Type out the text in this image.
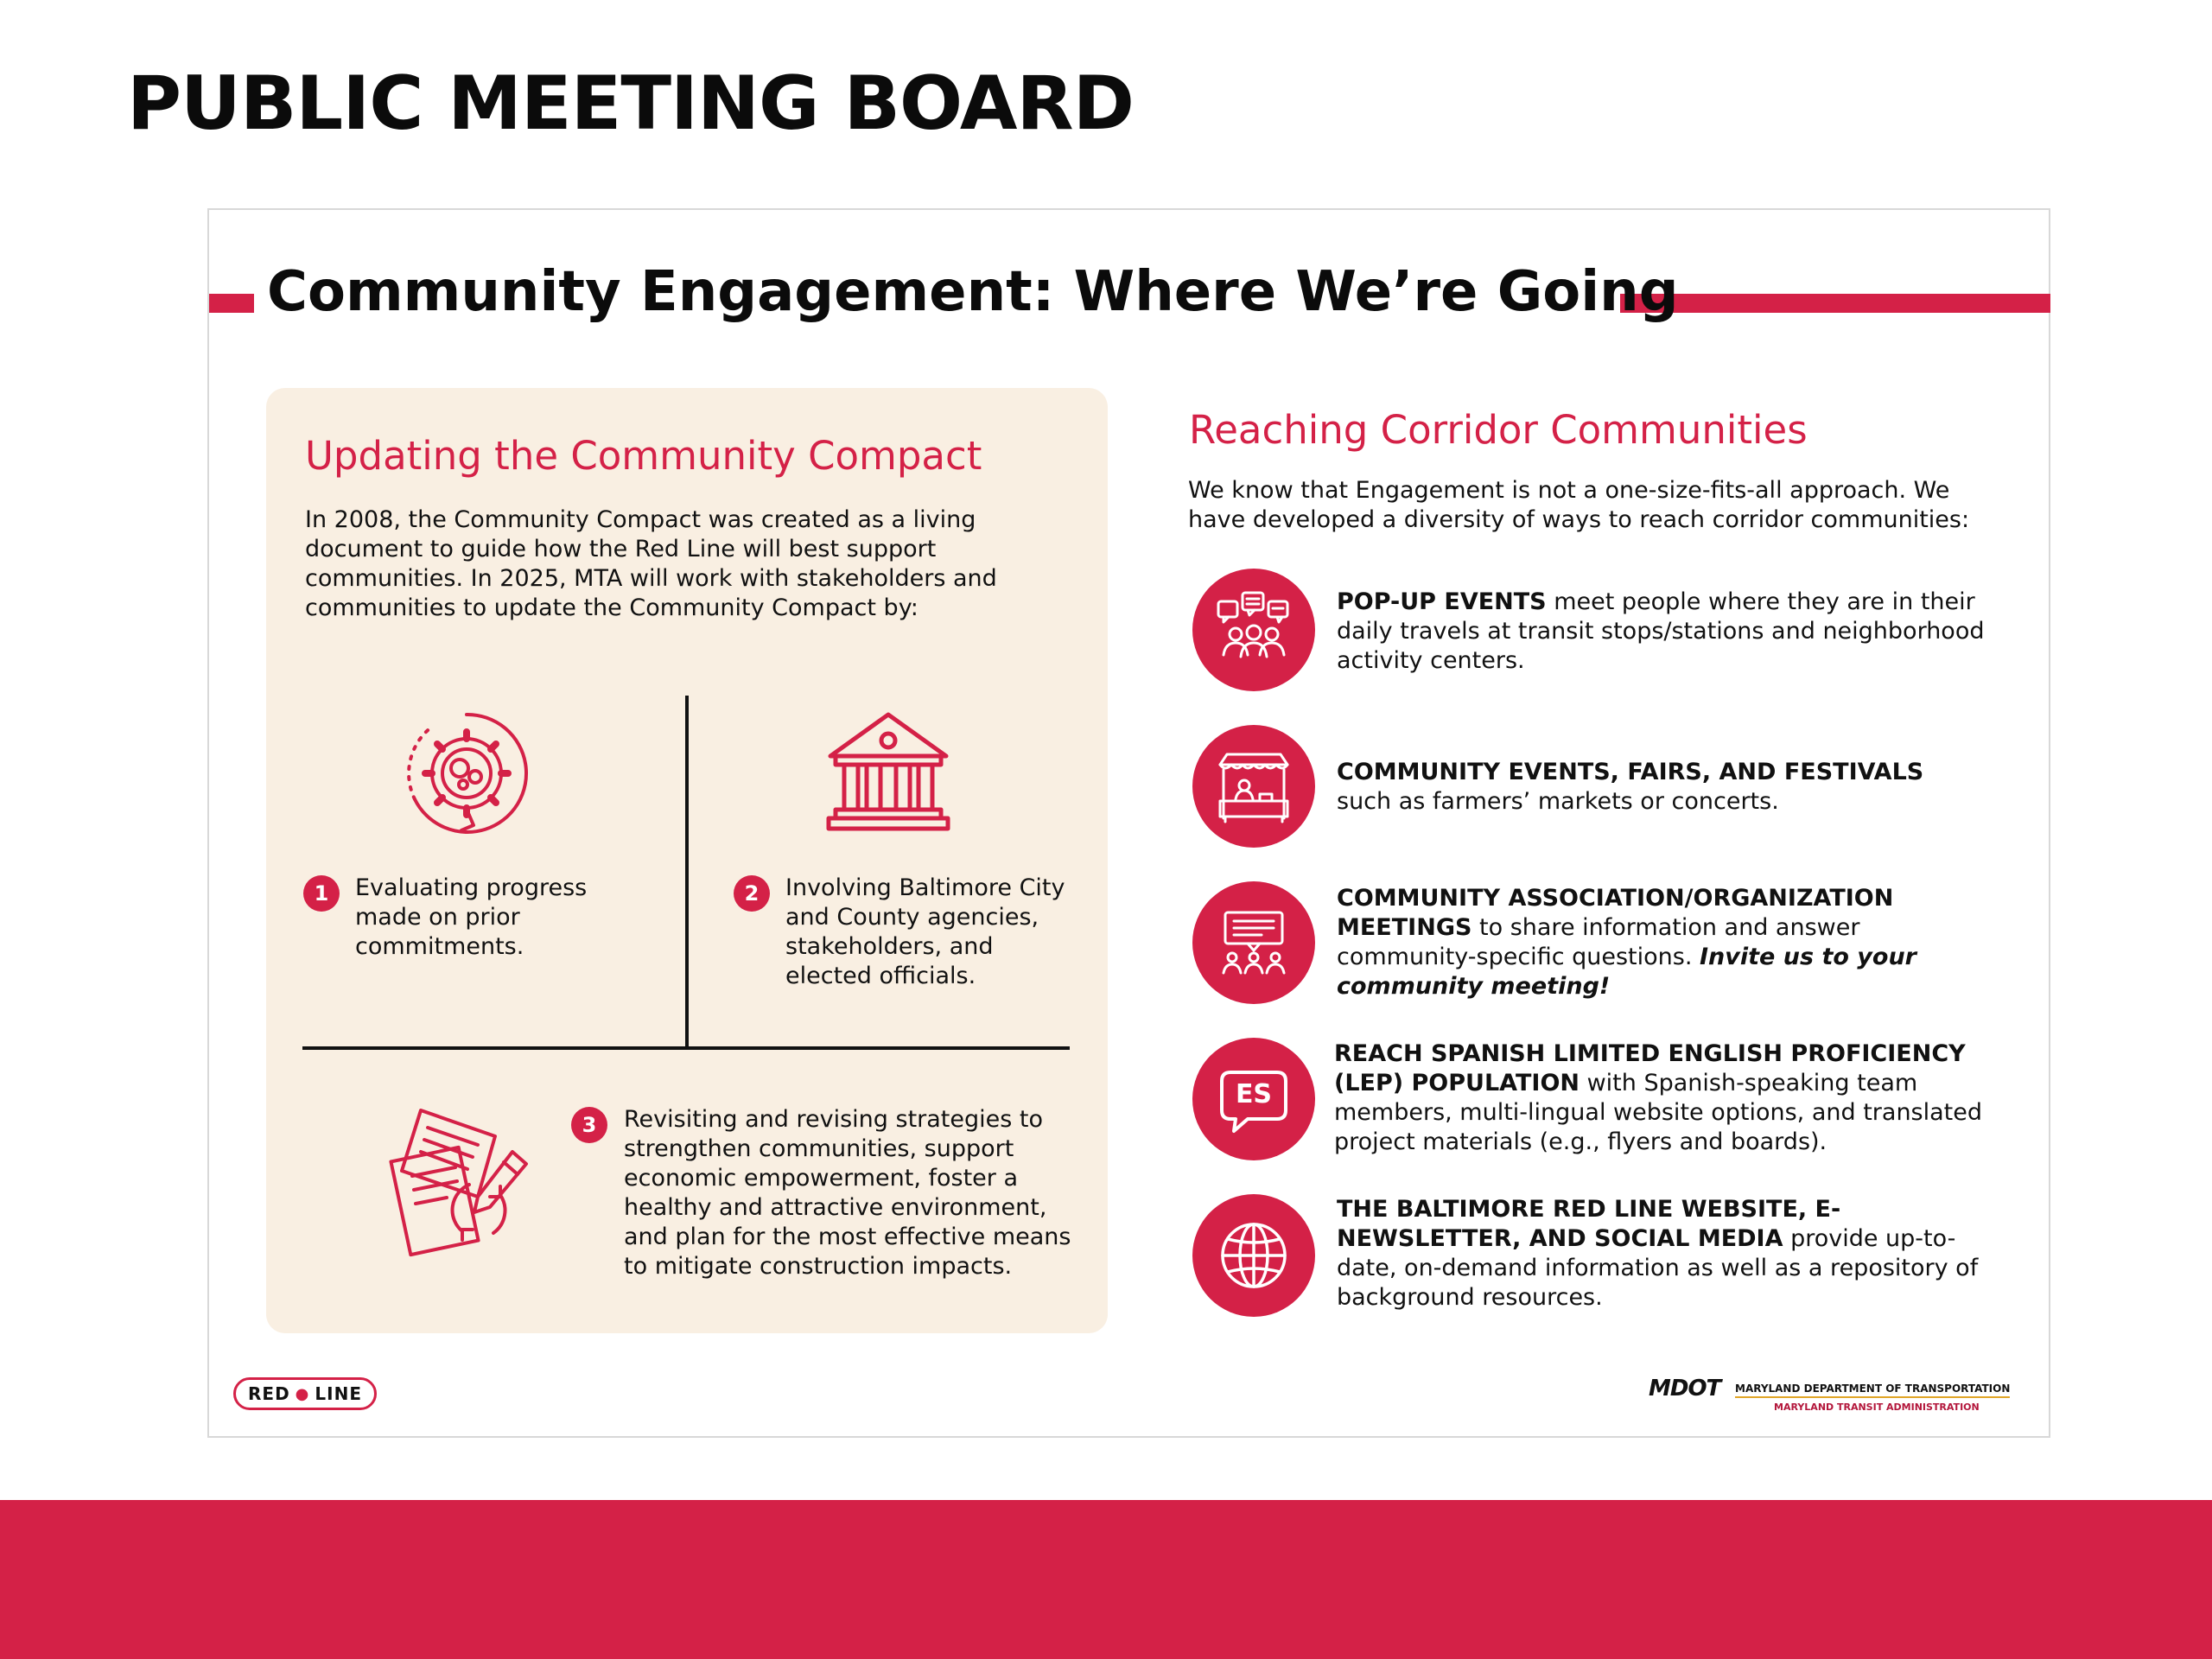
PUBLIC MEETING BOARD
Community Engagement: Where We’re Going
Updating the Community Compact
In 2008, the Community Compact was created as a living document to guide how the Red Line will best support communities. In 2025, MTA will work with stakeholders and communities to update the Community Compact by:
1	Evaluating progress made on prior commitments.
2	Involving Baltimore City and County agencies, stakeholders, and elected officials.
3	Revisiting and revising strategies to strengthen communities, support economic empowerment, foster a healthy and attractive environment, and plan for the most effective means to mitigate construction impacts.
Reaching Corridor Communities
We know that Engagement is not a one-size-fits-all approach. We have developed a diversity of ways to reach corridor communities:
POP-UP EVENTS meet people where they are in their daily travels at transit stops/stations and neighborhood activity centers.
COMMUNITY EVENTS, FAIRS, AND FESTIVALS
such as farmers’ markets or concerts.
COMMUNITY ASSOCIATION/ORGANIZATION MEETINGS to share information and answer community-specific questions. Invite us to your community meeting!
ES
REACH SPANISH LIMITED ENGLISH PROFICIENCY (LEP) POPULATION with Spanish-speaking team members, multi-lingual website options, and translated project materials (e.g., flyers and boards).
THE BALTIMORE RED LINE WEBSITE, E-NEWSLETTER, AND SOCIAL MEDIA provide up-to-date, on-demand information as well as a repository of background resources.
RED ● LINE	MDOT MARYLAND DEPARTMENT OF TRANSPORTATION
MARYLAND TRANSIT ADMINISTRATION
